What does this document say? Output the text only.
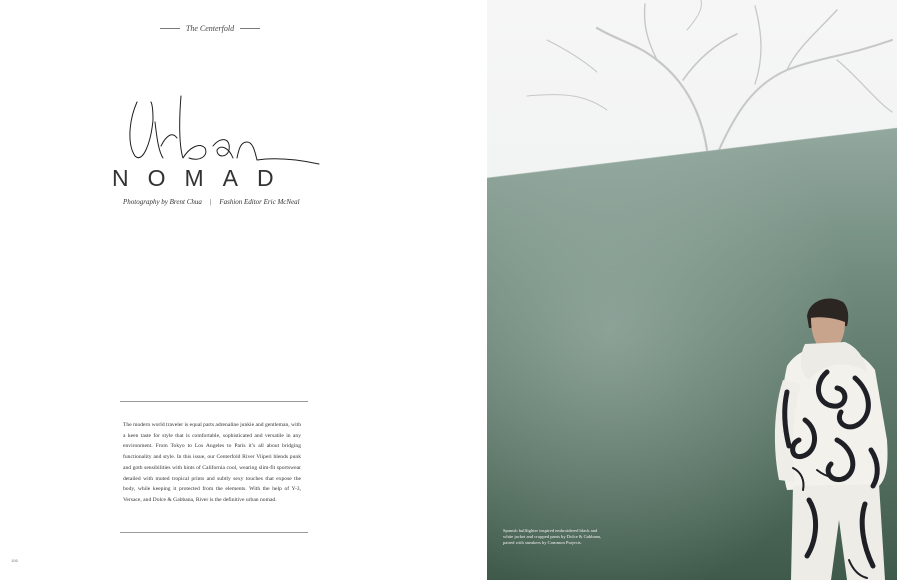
The Centerfold
NOMAD
Photography by Brent Chua | Fashion Editor Eric McNeal
The modern world traveler is equal parts adrenaline junkie and gentleman, with a keen taste for style that is comfortable, sophisticated and versatile in any environment. From Tokyo to Los Angeles to Paris it’s all about bridging functionality and style. In this issue, our Centerfold River Viiperi blends punk and goth sensibilities with hints of California cool, wearing slim-fit sportswear detailed with muted tropical prints and subtly sexy touches that expose the body, while keeping it protected from the elements. With the help of Y-3, Versace, and Dolce & Gabbana, River is the definitive urban nomad.
106
Spanish bullfighter inspired embroidered black and white jacket and cropped pants by Dolce & Gabbana, paired with sneakers by Common Projects.
